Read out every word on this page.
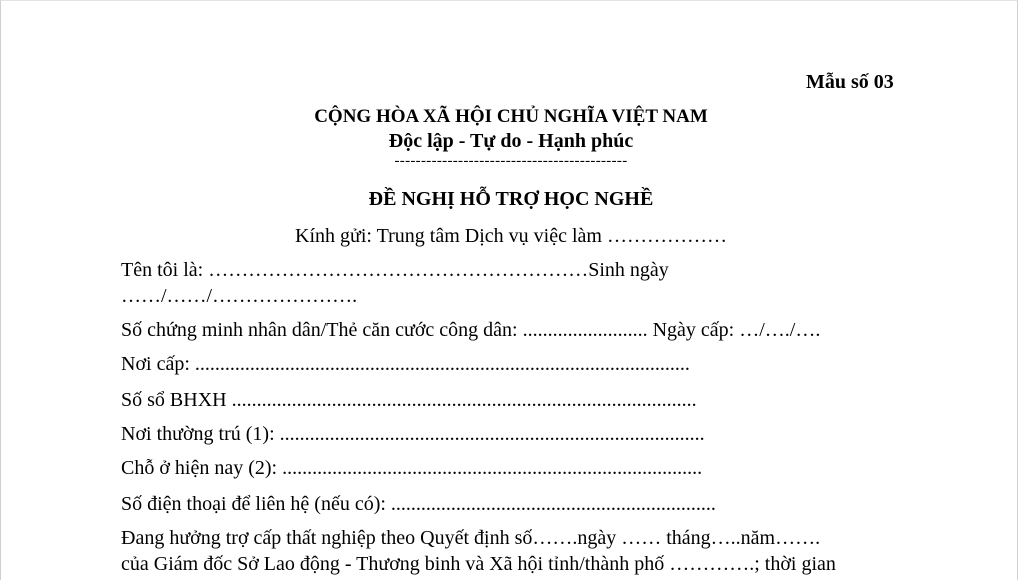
Mẫu số 03
CỘNG HÒA XÃ HỘI CHỦ NGHĨA VIỆT NAM
Độc lập - Tự do - Hạnh phúc
--------------------------------------------
ĐỀ NGHỊ HỖ TRỢ HỌC NGHỀ
Kính gửi: Trung tâm Dịch vụ việc làm ………………
Tên tôi là: …………………………………………………Sinh ngày
……/……/………………….
Số chứng minh nhân dân/Thẻ căn cước công dân: ......................... Ngày cấp: …/…./….
Nơi cấp: ...................................................................................................
Số sổ BHXH .............................................................................................
Nơi thường trú (1): .....................................................................................
Chỗ ở hiện nay (2): ....................................................................................
Số điện thoại để liên hệ (nếu có): .................................................................
Đang hưởng trợ cấp thất nghiệp theo Quyết định số…….ngày …… tháng…..năm…….
của Giám đốc Sở Lao động - Thương binh và Xã hội tỉnh/thành phố ………….; thời gian
